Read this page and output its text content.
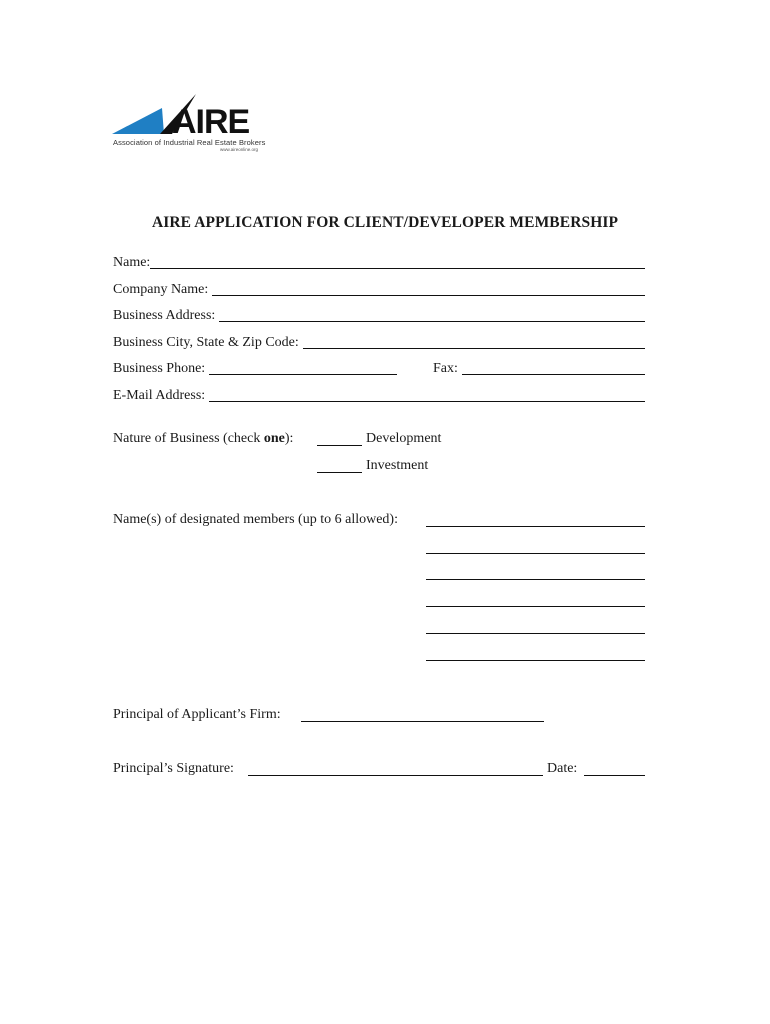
AIRE
Association of Industrial Real Estate Brokers
www.aireonline.org
AIRE APPLICATION FOR CLIENT/DEVELOPER MEMBERSHIP
Name:
Company Name:
Business Address:
Business City, State & Zip Code:
Business Phone:	Fax:
E-Mail Address:
Nature of Business (check one):	Development
Investment
Name(s) of designated members (up to 6 allowed):
Principal of Applicant’s Firm:
Principal’s Signature:	Date:
